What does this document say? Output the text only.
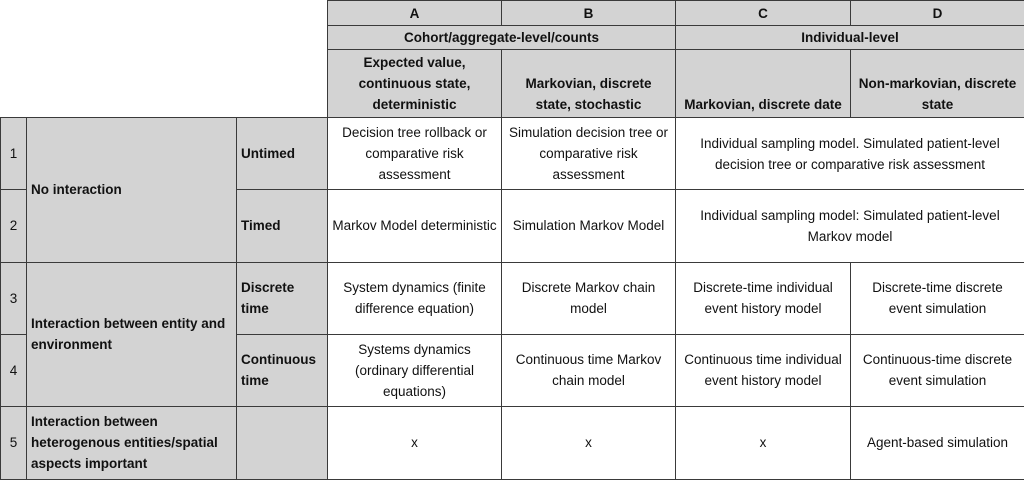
			A	B	C	D
			Cohort/aggregate-level/counts		Individual-level	
			Expected value, continuous state, deterministic	Markovian, discrete state, stochastic	Markovian, discrete date	Non-markovian, discrete state
1	No interaction	Untimed	Decision tree rollback or comparative risk assessment	Simulation decision tree or comparative risk assessment	Individual sampling model. Simulated patient-level decision tree or comparative risk assessment	
2		Timed	Markov Model deterministic	Simulation Markov Model	Individual sampling model: Simulated patient-level Markov model	
3	Interaction between entity and environment	Discrete time	System dynamics (finite difference equation)	Discrete Markov chain model	Discrete-time individual event history model	Discrete-time discrete event simulation
4		Continuous time	Systems dynamics (ordinary differential equations)	Continuous time Markov chain model	Continuous time individual event history model	Continuous-time discrete event simulation
5	Interaction between heterogenous entities/spatial aspects important		x	x	x	Agent-based simulation
